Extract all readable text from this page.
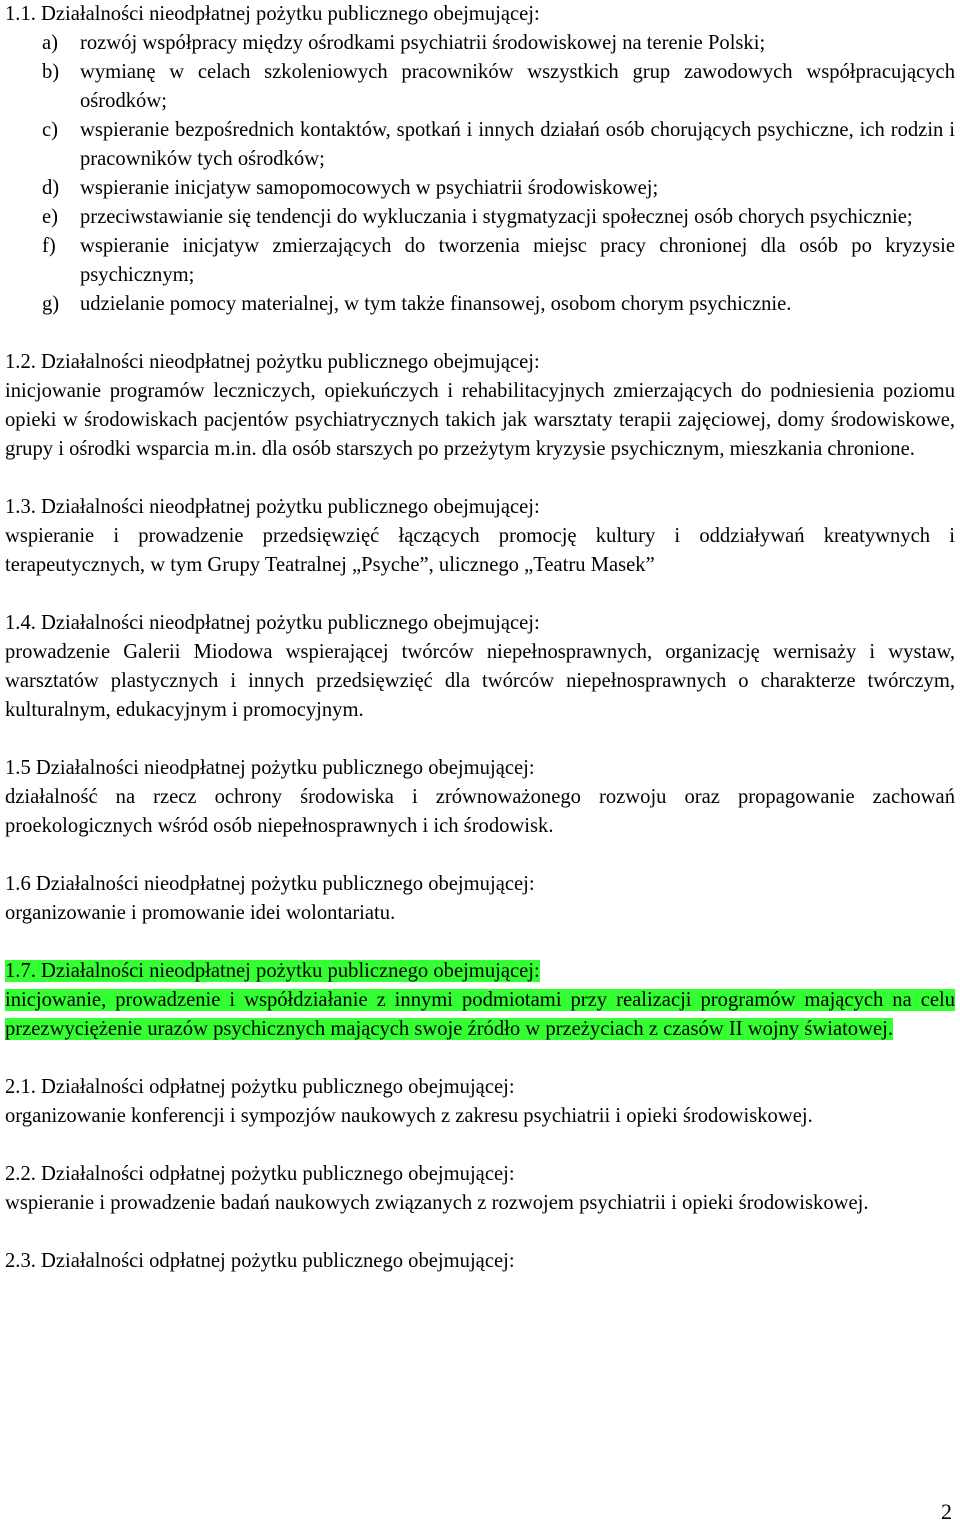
1.1. Działalności nieodpłatnej pożytku publicznego obejmującej:
a) rozwój współpracy między ośrodkami psychiatrii środowiskowej na terenie Polski;
b) wymianę w celach szkoleniowych pracowników wszystkich grup zawodowych współpracujących ośrodków;
c) wspieranie bezpośrednich kontaktów, spotkań i innych działań osób chorujących psychiczne, ich rodzin i pracowników tych ośrodków;
d) wspieranie inicjatyw samopomocowych w psychiatrii środowiskowej;
e) przeciwstawianie się tendencji do wykluczania i stygmatyzacji społecznej osób chorych psychicznie;
f) wspieranie inicjatyw zmierzających do tworzenia miejsc pracy chronionej dla osób po kryzysie psychicznym;
g) udzielanie pomocy materialnej, w tym także finansowej, osobom chorym psychicznie.
1.2. Działalności nieodpłatnej pożytku publicznego obejmującej:
inicjowanie programów leczniczych, opiekuńczych i rehabilitacyjnych zmierzających do podniesienia poziomu opieki w środowiskach pacjentów psychiatrycznych takich jak warsztaty terapii zajęciowej, domy środowiskowe, grupy i ośrodki wsparcia m.in. dla osób starszych po przeżytym kryzysie psychicznym, mieszkania chronione.
1.3. Działalności nieodpłatnej pożytku publicznego obejmującej:
wspieranie i prowadzenie przedsięwzięć łączących promocję kultury i oddziaływań kreatywnych i terapeutycznych, w tym Grupy Teatralnej „Psyche”, ulicznego „Teatru Masek”
1.4. Działalności nieodpłatnej pożytku publicznego obejmującej:
prowadzenie Galerii Miodowa wspierającej twórców niepełnosprawnych, organizację wernisaży i wystaw, warsztatów plastycznych i innych przedsięwzięć dla twórców niepełnosprawnych o charakterze twórczym, kulturalnym, edukacyjnym i promocyjnym.
1.5 Działalności nieodpłatnej pożytku publicznego obejmującej:
działalność na rzecz ochrony środowiska i zrównoważonego rozwoju oraz propagowanie zachowań proekologicznych wśród osób niepełnosprawnych i ich środowisk.
1.6 Działalności nieodpłatnej pożytku publicznego obejmującej:
organizowanie i promowanie idei wolontariatu.
1.7. Działalności nieodpłatnej pożytku publicznego obejmującej:
inicjowanie, prowadzenie i współdziałanie z innymi podmiotami przy realizacji programów mających na celu przezwyciężenie urazów psychicznych mających swoje źródło w przeżyciach z czasów II wojny światowej.
2.1. Działalności odpłatnej pożytku publicznego obejmującej:
organizowanie konferencji i sympozjów naukowych z zakresu psychiatrii i opieki środowiskowej.
2.2. Działalności odpłatnej pożytku publicznego obejmującej:
wspieranie i prowadzenie badań naukowych związanych z rozwojem psychiatrii i opieki środowiskowej.
2.3. Działalności odpłatnej pożytku publicznego obejmującej:
2
